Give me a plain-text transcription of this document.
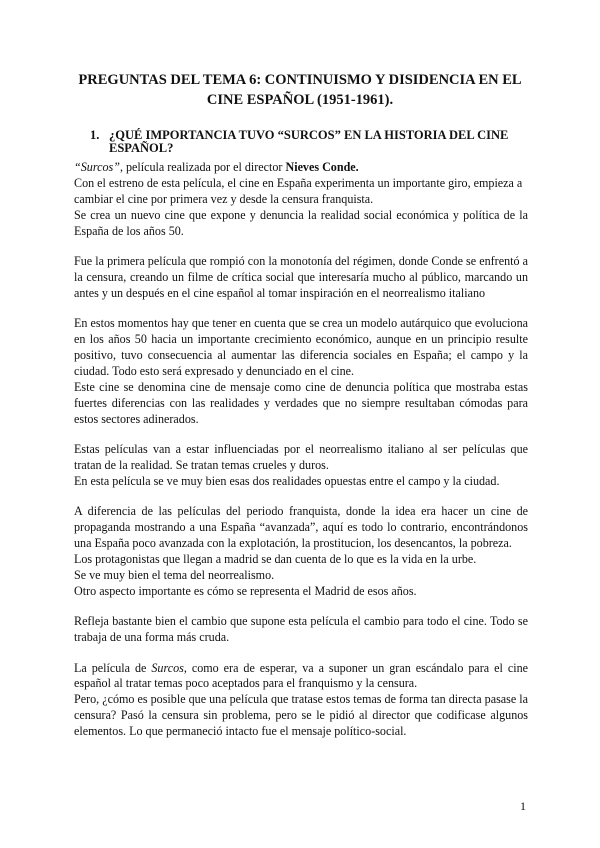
PREGUNTAS DEL TEMA 6: CONTINUISMO Y DISIDENCIA EN EL CINE ESPAÑOL (1951-1961).
1. ¿QUÉ IMPORTANCIA TUVO “SURCOS” EN LA HISTORIA DEL CINE ESPAÑOL?

“Surcos”, película realizada por el director Nieves Conde.

Con el estreno de esta película, el cine en España experimenta un importante giro, empieza a cambiar el cine por primera vez y desde la censura franquista.

Se crea un nuevo cine que expone y denuncia la realidad social económica y política de la España de los años 50.

Fue la primera película que rompió con la monotonía del régimen, donde Conde se enfrentó a la censura, creando un filme de crítica social que interesaría mucho al público, marcando un antes y un después en el cine español al tomar inspiración en el neorrealismo italiano

En estos momentos hay que tener en cuenta que se crea un modelo autárquico que evoluciona en los años 50 hacia un importante crecimiento económico, aunque en un principio resulte positivo, tuvo consecuencia al aumentar las diferencia sociales en España; el campo y la ciudad. Todo esto será expresado y denunciado en el cine.

Este cine se denomina cine de mensaje como cine de denuncia política que mostraba estas fuertes diferencias con las realidades y verdades que no siempre resultaban cómodas para estos sectores adinerados.

Estas películas van a estar influenciadas por el neorrealismo italiano al ser películas que tratan de la realidad. Se tratan temas crueles y duros.

En esta película se ve muy bien esas dos realidades opuestas entre el campo y la ciudad.

A diferencia de las películas del periodo franquista, donde la idea era hacer un cine de propaganda mostrando a una España “avanzada”, aquí es todo lo contrario, encontrándonos una España poco avanzada con la explotación, la prostitucion, los desencantos, la pobreza.

Los protagonistas que llegan a madrid se dan cuenta de lo que es la vida en la urbe.

Se ve muy bien el tema del neorrealismo.

Otro aspecto importante es cómo se representa el Madrid de esos años.

Refleja bastante bien el cambio que supone esta película el cambio para todo el cine. Todo se trabaja de una forma más cruda.

La película de Surcos, como era de esperar, va a suponer un gran escándalo para el cine español al tratar temas poco aceptados para el franquismo y la censura.

Pero, ¿cómo es posible que una película que tratase estos temas de forma tan directa pasase la censura? Pasó la censura sin problema, pero se le pidió al director que codificase algunos elementos. Lo que permaneció intacto fue el mensaje político-social.

1
